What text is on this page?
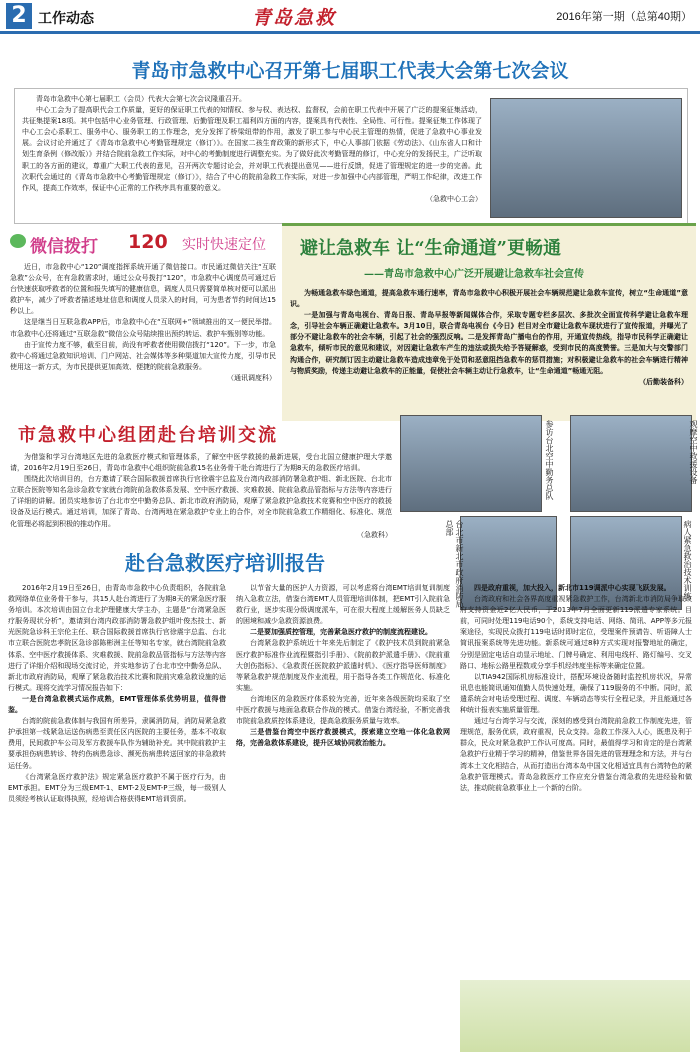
2 工作动态	青岛急救	2016年第一期（总第40期）
青岛市急救中心召开第七届职工代表大会第七次会议

青岛市急救中心第七届职工（会员）代表大会第七次会议隆重召开。

中心工会为了提高职代会工作质量，更好的保证职工代表的知情权、参与权、表达权、监督权，会前在职工代表中开展了广泛的提案征集活动，共征集提案18项。其中包括中心业务管理、行政管理、后勤管理及职工福利四方面的内容，提案具有代表性、全局性、可行性。提案征集工作体现了中心工会心系职工、服务中心、服务职工的工作理念，充分发挥了桥梁纽带的作用，激发了职工参与中心民主管理的热情，促进了急救中心事业发展。会议讨论并通过了《青岛市急救中心考勤管理规定（修订）》。在国家二孩生育政策的新形式下，中心人事部门依据《劳动法》、《山东省人口和计划生育条例（修改版）》并结合院前急救工作实际，对中心的考勤制度进行调整充实。为了做好此次考勤管理的修订，中心充分的发扬民主，广泛听取职工的各方面的建议，尊重广大职工代表的意见，召开两次专题讨论会，并对职工代表提出意见——进行反馈，促进了管理规定的进一步的完善。此次职代会通过的《青岛市急救中心考勤管理规定（修订）》，结合了中心的院前急救工作实际，对进一步加强中心内部管理，严明工作纪律，改进工作作风，提高工作效率，保证中心正常的工作秩序具有重要的意义。

（急救中心工会）
微信拨打 120 实时快速定位

近日，市急救中心“120”调度指挥系统开通了微信接口。市民通过微信关注“互联急救”公众号，在有急救需求时，通过公众号拨打“120”，市急救中心调度员可通过后台快速获取呼救者的位置和报失填写的健康信息，调度人员只需要简单核对便可以派出救护车，减少了呼救者描述地址信息和调度人员录入的时间，可为患者节约时间达15秒以上。

这是继当日互联急救APP后，市急救中心在“互联网+”领域推出的又一便民举措。市急救中心还将通过“互联急救”微信公众号陆续推出预约转运、救护车甄别等功能。

由于宣传力度不够，截至目前，尚没有呼救者使用微信拨打“120”。下一步，市急救中心将通过急救知识培训、门户网站、社会媒体等多种渠道加大宣传力度，引导市民使用这一新方式，为市民提供更加高效、便捷的院前急救服务。

（通讯调度科）
避让急救车 让“生命通道”更畅通
——青岛市急救中心广泛开展避让急救车社会宣传

为畅通急救车绿色通道，提高急救车通行速率，青岛市急救中心积极开展社会车辆规范避让急救车宣传，树立“生命通道”意识。

一是加强与青岛电视台、青岛日报、青岛早报等新闻媒体合作，采取专题专栏多层次、多批次全面宣传科学避让急救车理念，引导社会车辆正确避让急救车。3月10日，联合青岛电视台《今日》栏目对全市避让急救车现状进行了宣传报道，并曝光了部分不避让急救车的社会车辆，引起了社会的强烈反响。二是发挥青岛广播电台的作用，开通宣传热线，指导市民科学正确避让急救车，倾听市民的意见和建议，对因避让急救车产生的违法或损失给予答疑解惑，受到市民的高度赞誉。三是加大与交警部门沟通合作，研究制订因主动避让急救车造成违章免于处罚和恶意阻挡急救车的惩罚措施；对积极避让急救车的社会车辆进行精神与物质奖励，传递主动避让急救车的正能量，促使社会车辆主动让行急救车，让“生命通道”畅通无阻。

（后勤装备科）
市急救中心组团赴台培训交流

为借鉴和学习台湾地区先进的急救医疗模式和管理体系，了解空中医学救援的最新进展，受台北国立健康护理大学邀请，2016年2月19日至26日，青岛市急救中心组织院前急救15名业务骨干赴台湾进行了为期8天的急救医疗培训。

围绕此次培训目的，台方邀请了联合国际救援首席执行官徐震宇总监及台湾内政部消防署急救护组、新北医院、台北市立联合医院等知名急诊急救专家就台湾院前急救体系发展、空中医疗救援、灾难救援、院前急救品管指标与方法等内容进行了详细的讲解。团员实地参访了台北市空中勤务总队、新北市政府消防局，观摩了紧急救护急救技术竞赛和空中医疗的救援设备及运行模式。通过培训，加深了青岛、台湾两地在紧急救护专业上的合作，对全市院前急救工作精细化、标准化、规范化管理必将起到积极的推动作用。

（急救科）
参访台北空中勤务总队	观摩空中救援设备
台北市新北市政府消防局总部	病人紧急救治技术训练
赴台急救医疗培训报告

2016年2月19日至26日，由青岛市急救中心负责组织，各院前急救网络单位业务骨干参与，共15人赴台湾进行了为期8天的紧急医疗服务培训。本次培训由国立台北护理健康大学主办，主题是“台湾紧急医疗服务现状分析”，邀请到台湾内政部消防署急救护组叶俊杰技士、新光医院急诊科王宗伦主任、联合国际救援首席执行官徐震宇总监、台北市立联合医院忠孝院区急诊部陈彬洲主任等知名专家，就台湾院前急救体系、空中医疗救援体系、灾难救援、院前急救品管指标与方法等内容进行了详细介绍和现场交流讨论，并实地参访了台北市空中勤务总队、新北市政府消防局，观摩了紧急救治技术比赛和院前灾难急救设施的运行模式。现将交流学习情况报告如下：

一是台湾急救模式运作成熟，EMT管理体系优势明显，值得借鉴。

台湾的院前急救体制与我国有所差异，隶属消防局，消防局紧急救护承担第一线紧急运送伤病患至责任区内医院的主要任务，基本不收取费用，民间救护车公司及军方救援车队作为辅助补充。其中院前救护主要承担伤病患转诊、特约伤病患急诊、濒死伤病患转送回家的非急救转运任务。

《台湾紧急医疗救护法》规定紧急医疗救护不属于医疗行为，由EMT承担。EMT分为三级EMT-1、EMT-2及EMT-P三级，每一级别人员须经考核认证取得执照，经培训合格获得EMT培训资质。

以节省大量的医护人力资源，可以考虑将台湾EMT培训复训制度纳入急救立法，借鉴台湾EMT人员管理培训体制，把EMT引入院前急救行业，逐步实现分级调度派车，可在很大程度上缓解医务人员缺乏的困境和减少急救资源浪费。

二是要加强质控管理，完善紧急医疗救护的制度流程建设。

台湾紧急救护系统近十年来先后制定了《救护技术员到院前紧急医疗救护标准作业流程暨指引手册》、《院前救护派遣手册》、《院前重大创伤指标》、《急救责任医院救护派遣时机》、《医疗指导医师制度》等紧急救护规范制度及作业流程，用于指导各类工作规范化、标准化实施。

台湾地区的急救医疗体系较为完善，近年来各级医院均采取了空中医疗救援与地面急救联合作战的模式。借鉴台湾经验，不断完善我市院前急救质控体系建设，提高急救服务质量与效率。

三是借鉴台湾空中医疗救援模式，探索建立空地一体化急救网络，完善急救体系建设，提升区域协同救治能力。

四是政府重视，加大投入，新北市119调派中心实现飞跃发展。

台湾政府和社会各界高度重视紧急救护工作，台湾新北市消防局争取政府支持资金近2亿人民币，于2013年7月全面更新119派遣专家系统。目前，可同时处理119电话90个，系统支持电话、网络、简讯、APP等多元报案途径，实现民众拨打119电话时即时定位，受理案件预请告、听语障人士简讯报案系统等先进功能。新系统可通过8种方式实现对报警地址的确定，分别是固定电话自动显示地址、门牌号确定、利用电线杆、路灯编号、交叉路口、地标公路里程数或分享手机经纬度坐标等来确定位置。

以TIA942国际机房标准设计，搭配环境设备随时监控机房状况，异常讯息也能简讯通知值勤人员快速处理，确保了119服务的不中断。同时，派遣系统会对电话受理过程、调度、车辆动态等实行全程记录，并且能通过各种统计报表实施质量管理。

通过与台湾学习与交流，深刻的感受到台湾院前急救工作制度先进，管理规范，服务优质，政府重视，民众支持。急救工作深入人心，既患及利于群众，民众对紧急救护工作认可度高。同时，最值得学习和肯定的是台湾紧急救护行业精于学习的精神，借鉴世界各国先进的管理理念和方法，并与台湾本土文化相结合，从而打造出台湾本岛中国文化相适宜具有台湾特色的紧急救护管理模式。青岛急救医疗工作应充分借鉴台湾急救的先进经验和做法，推动院前急救事业上一个新的台阶。
